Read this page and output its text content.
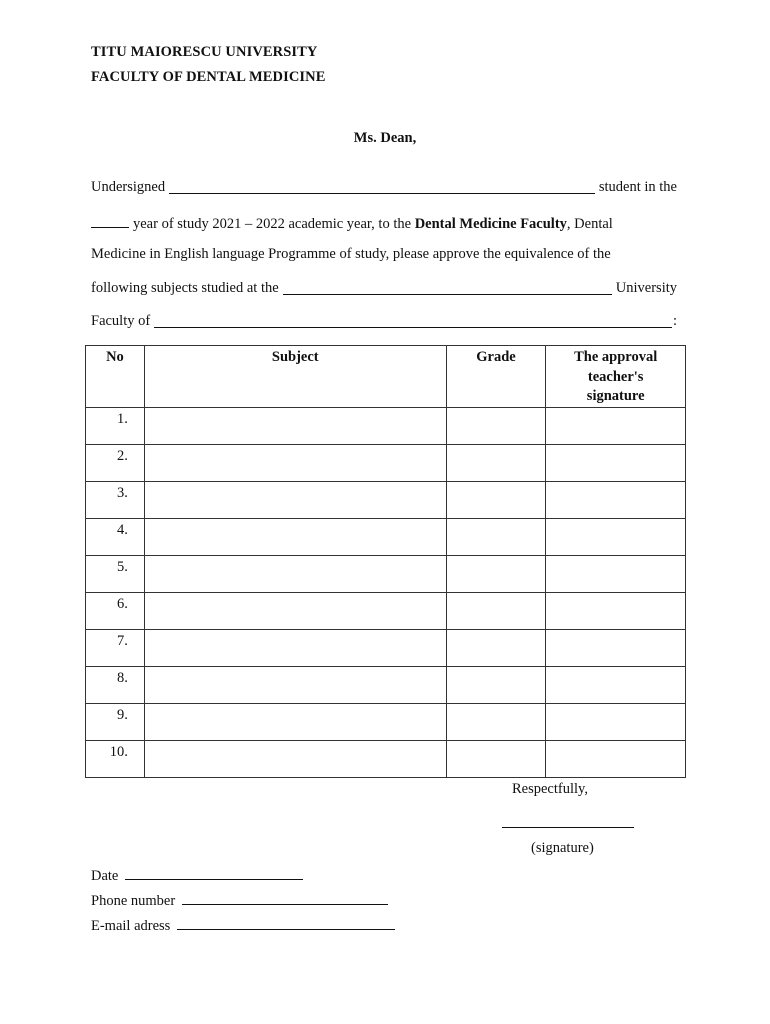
TITU MAIORESCU UNIVERSITY
FACULTY OF DENTAL MEDICINE
Ms. Dean,
Undersigned	student in the
year of study 2021 – 2022 academic year, to the Dental Medicine Faculty, Dental
Medicine in English language Programme of study, please approve the equivalence of the
following subjects studied at the	University
Faculty of	:
No	Subject	Grade	The approval
teacher's
signature
1.			
2.			
3.			
4.			
5.			
6.			
7.			
8.			
9.			
10.			
Respectfully,
(signature)
Date
Phone number
E-mail adress
